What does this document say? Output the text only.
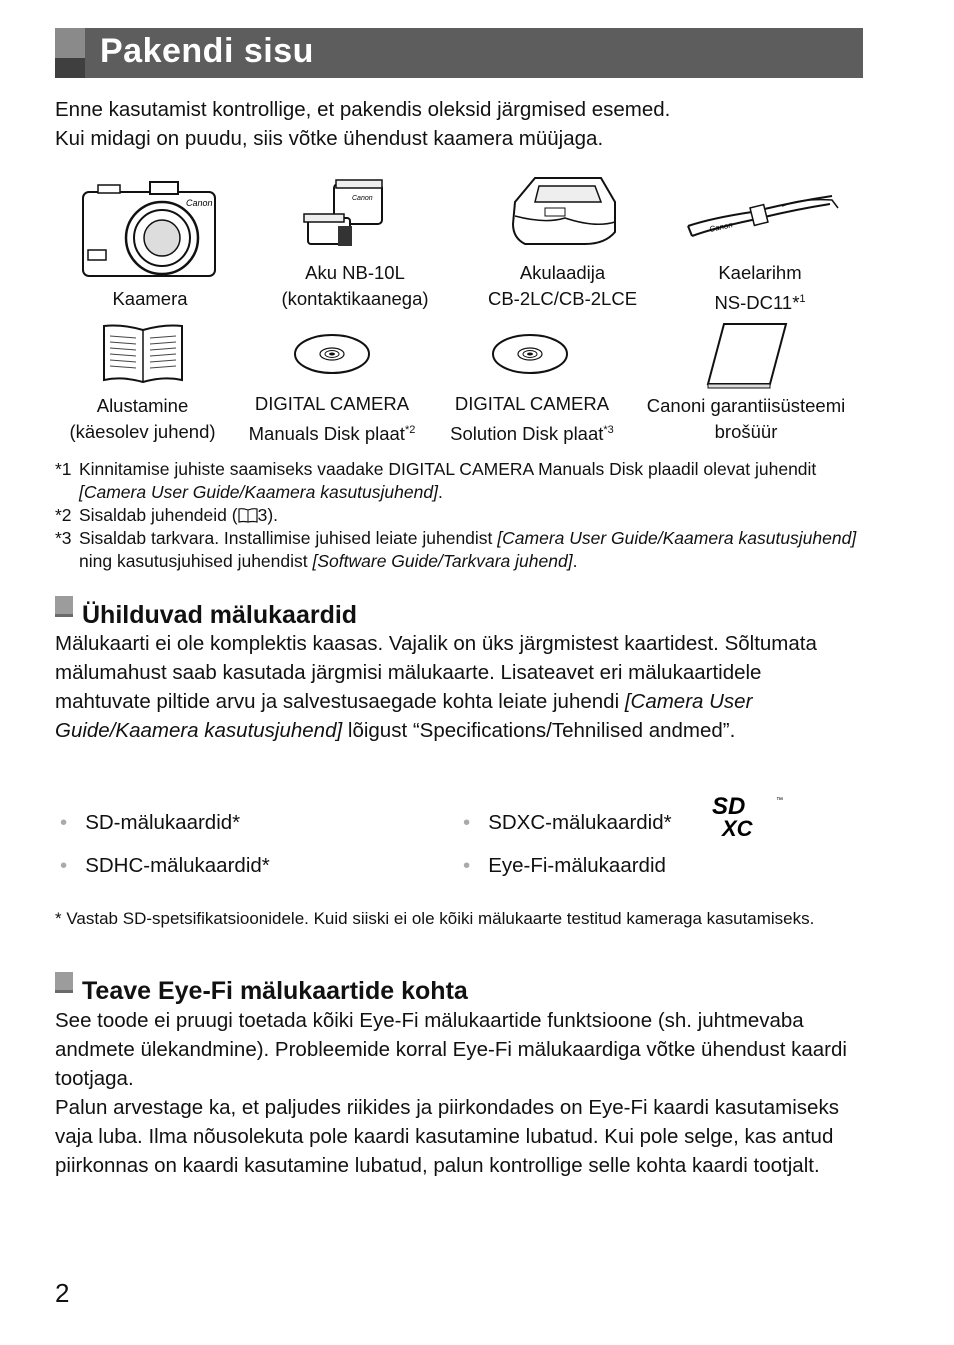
Pakendi sisu

Enne kasutamist kontrollige, et pakendis oleksid järgmised esemed.

Kui midagi on puudu, siis võtke ühendust kaamera müüjaga.

Canon	Canon
Canon
Kaamera
Aku NB-10L
(kontaktikaanega)
Akulaadija
CB-2LC/CB-2LCE
Kaelarihm
NS-DC11*$^1$
Alustamine
(käesolev juhend)
DIGITAL CAMERA
Manuals Disk plaat$^{*2}$
DIGITAL CAMERA
Solution Disk plaat$^{*3}$
Canoni garantiisüsteemi
brošüür
*1 Kinnitamise juhiste saamiseks vaadake DIGITAL CAMERA Manuals Disk plaadil olevat juhendit [Camera User Guide/Kaamera kasutusjuhend].
*2 Sisaldab juhendeid ( 3).
*3 Sisaldab tarkvara. Installimise juhised leiate juhendist [Camera User Guide/Kaamera kasutusjuhend] ning kasutusjuhised juhendist [Software Guide/Tarkvara juhend].
Ühilduvad mälukaardid

Mälukaarti ei ole komplektis kaasas. Vajalik on üks järgmistest kaartidest. Sõltumata mälumahust saab kasutada järgmisi mälukaarte. Lisateavet eri mälukaartidele mahtuvate piltide arvu ja salvestusaegade kohta leiate juhendi [Camera User Guide/Kaamera kasutusjuhend] lõigust “Specifications/Tehnilised andmed”.

• SD-mälukaardid*	• SDXC-mälukaardid*
• SDHC-mälukaardid*	• Eye-Fi-mälukaardid
SD
XC
™
* Vastab SD-spetsifikatsioonidele. Kuid siiski ei ole kõiki mälukaarte testitud kameraga kasutamiseks.
Teave Eye-Fi mälukaartide kohta

See toode ei pruugi toetada kõiki Eye-Fi mälukaartide funktsioone (sh. juhtmevaba andmete ülekandmine). Probleemide korral Eye-Fi mälukaardiga võtke ühendust kaardi tootjaga.

Palun arvestage ka, et paljudes riikides ja piirkondades on Eye-Fi kaardi kasutamiseks vaja luba. Ilma nõusolekuta pole kaardi kasutamine lubatud. Kui pole selge, kas antud piirkonnas on kaardi kasutamine lubatud, palun kontrollige selle kohta kaardi tootjalt.

2
